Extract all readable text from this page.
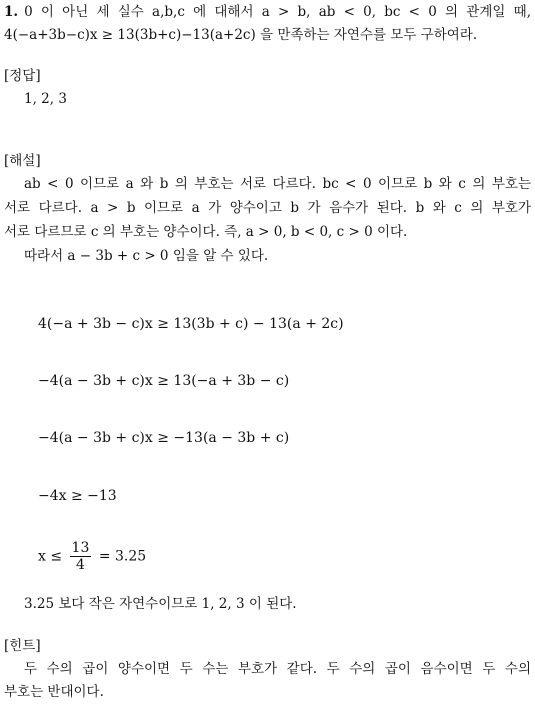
1. 0 이 아닌 세 실수 a,b,c 에 대해서 a > b, ab < 0, bc < 0 의 관계일 때,
4(−a+3b−c)x ≥ 13(3b+c)−13(a+2c) 을 만족하는 자연수를 모두 구하여라.
[정답]
1, 2, 3
[해설]
ab < 0 이므로 a 와 b 의 부호는 서로 다르다. bc < 0 이므로 b 와 c 의 부호는
서로 다르다. a > b 이므로 a 가 양수이고 b 가 음수가 된다. b 와 c 의 부호가
서로 다르므로 c 의 부호는 양수이다. 즉, a > 0, b < 0, c > 0 이다.
따라서 a − 3b + c > 0 임을 알 수 있다.
4(−a + 3b − c)x ≥ 13(3b + c) − 13(a + 2c)
−4(a − 3b + c)x ≥ 13(−a + 3b − c)
−4(a − 3b + c)x ≥ −13(a − 3b + c)
−4x ≥ −13
$x \le \frac{13}{4} = 3.25$
3.25 보다 작은 자연수이므로 1, 2, 3 이 된다.
[힌트]
두 수의 곱이 양수이면 두 수는 부호가 같다. 두 수의 곱이 음수이면 두 수의
부호는 반대이다.
